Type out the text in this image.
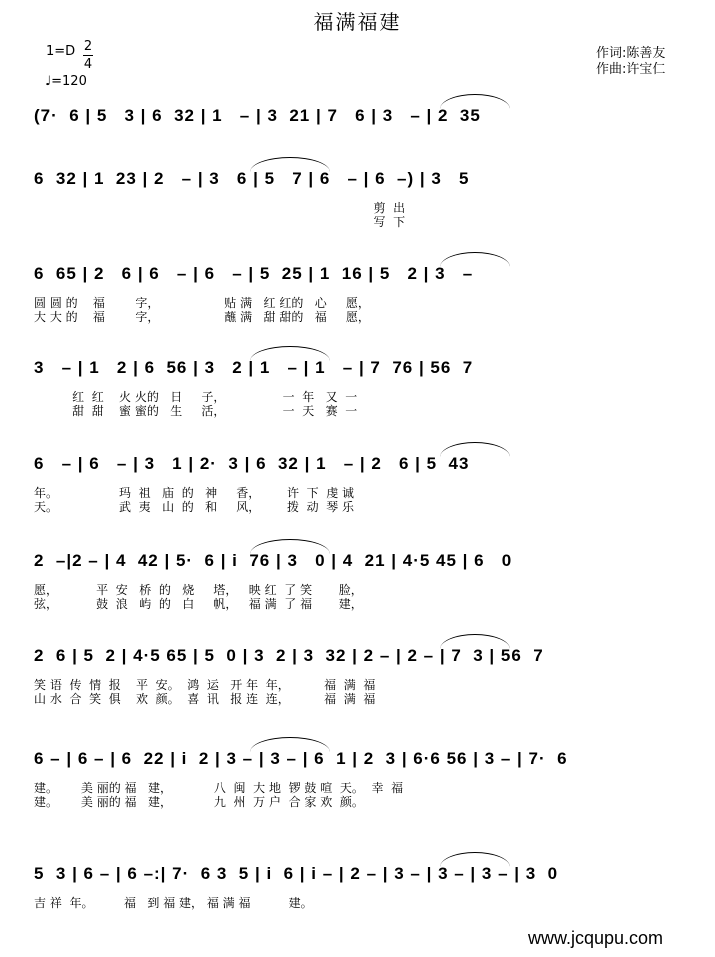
福满福建
1=D 2
4
♩=120
作词:陈善友
作曲:许宝仁
(7·  6 | 5   3 | 6  32 | 1   – | 3  21 | 7   6 | 3   – | 2  35
6  32 | 1  23 | 2   – | 3   6 | 5   7 | 6   – | 6  –) | 3   5
剪  出
写  下
6  65 | 2   6 | 6   – | 6   – | 5  25 | 1  16 | 5   2 | 3   –
圆 圆 的    福        字，                 贴 满   红 红的   心     愿，
大 大 的    福        字，                 蘸 满   甜 甜的   福     愿，
3   – | 1   2 | 6  56 | 3   2 | 1   – | 1   – | 7  76 | 56  7
红  红    火 火的   日     子，               一  年   又  一
甜  甜    蜜 蜜的   生     活，               一  天   赛  一
6   – | 6   – | 3   1 | 2·  3 | 6  32 | 1   – | 2   6 | 5  43
年。                玛  祖   庙  的   神     香，       许  下  虔 诚
天。                武  夷   山  的   和     风，       拨  动  琴 乐
2  –|2 – | 4  42 | 5·  6 | i  76 | 3   0 | 4  21 | 4·5 45 | 6   0
愿，          平  安   桥  的   烧     塔，   映 红  了 笑       脸，
弦，          鼓  浪   屿  的   白     帆，   福 满  了 福       建，
2  6 | 5  2 | 4·5 65 | 5  0 | 3  2 | 3  32 | 2 – | 2 – | 7  3 | 56  7
笑 语  传  情  报    平  安。  鸿  运   开 年  年，         福  满  福
山 水  合  笑  俱    欢  颜。  喜  讯   报 连  连，         福  满  福
6 – | 6 – | 6  22 | i  2 | 3 – | 3 – | 6  1 | 2  3 | 6·6 56 | 3 – | 7·  6
建。      美 丽的 福   建，           八  闽  大 地  锣 鼓 喧  天。  幸  福
建。      美 丽的 福   建，           九  州  万 户  合 家 欢  颜。
5  3 | 6 – | 6 –:| 7·  6 3  5 | i  6 | i – | 2 – | 3 – | 3 – | 3 – | 3  0
吉 祥  年。        福   到 福 建， 福 满 福          建。
www.jcqupu.com
